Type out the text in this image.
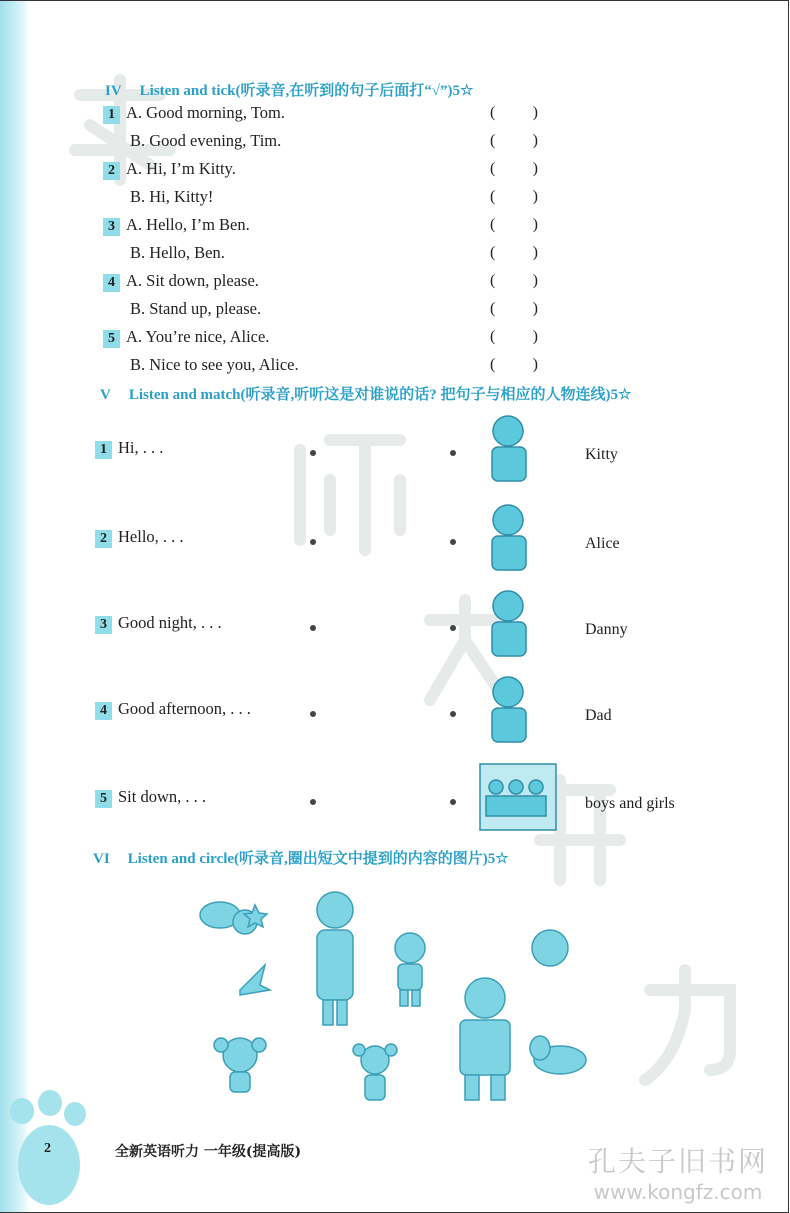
IV Listen and tick(听录音,在听到的句子后面打“√”)5☆
1 A. Good morning, Tom.	( )
B. Good evening, Tim.	( )
2 A. Hi, I’m Kitty.	( )
B. Hi, Kitty!	( )
3 A. Hello, I’m Ben.	( )
B. Hello, Ben.	( )
4 A. Sit down, please.	( )
B. Stand up, please.	( )
5 A. You’re nice, Alice.	( )
B. Nice to see you, Alice.	( )
V Listen and match(听录音,听听这是对谁说的话? 把句子与相应的人物连线)5☆
1 Hi, . . .	Kitty
2 Hello, . . .	Alice
3 Good night, . . .	Danny
4 Good afternoon, . . .	Dad
5 Sit down, . . .	boys and girls
VI Listen and circle(听录音,圈出短文中提到的内容的图片)5☆
2	全新英语听力 一年级(提高版)	孔夫子旧书网
www.kongfz.com
